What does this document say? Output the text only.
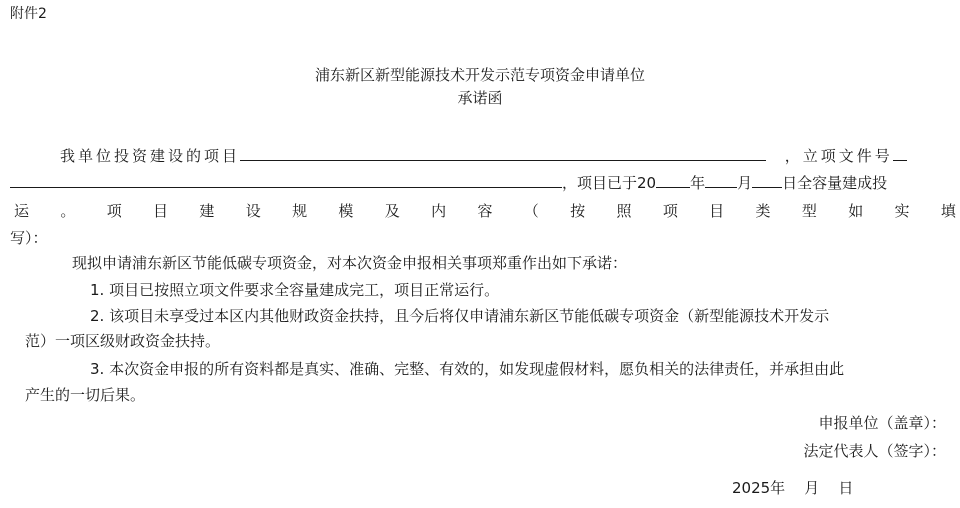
附件2
浦东新区新型能源技术开发示范专项资金申请单位
承诺函
我单位投资建设的项目	，立项文件号
，项目已于20 年 月 日全容量建成投
运 。 项 目 建 设 规 模 及 内 容 （ 按 照 项 目 类 型 如 实 填
写）：
现拟申请浦东新区节能低碳专项资金，对本次资金申报相关事项郑重作出如下承诺：
1. 项目已按照立项文件要求全容量建成完工，项目正常运行。
2. 该项目未享受过本区内其他财政资金扶持，且今后将仅申请浦东新区节能低碳专项资金（新型能源技术开发示
范）一项区级财政资金扶持。
3. 本次资金申报的所有资料都是真实、准确、完整、有效的，如发现虚假材料，愿负相关的法律责任，并承担由此
产生的一切后果。
申报单位（盖章）：
法定代表人（签字）：
2025年    月    日
